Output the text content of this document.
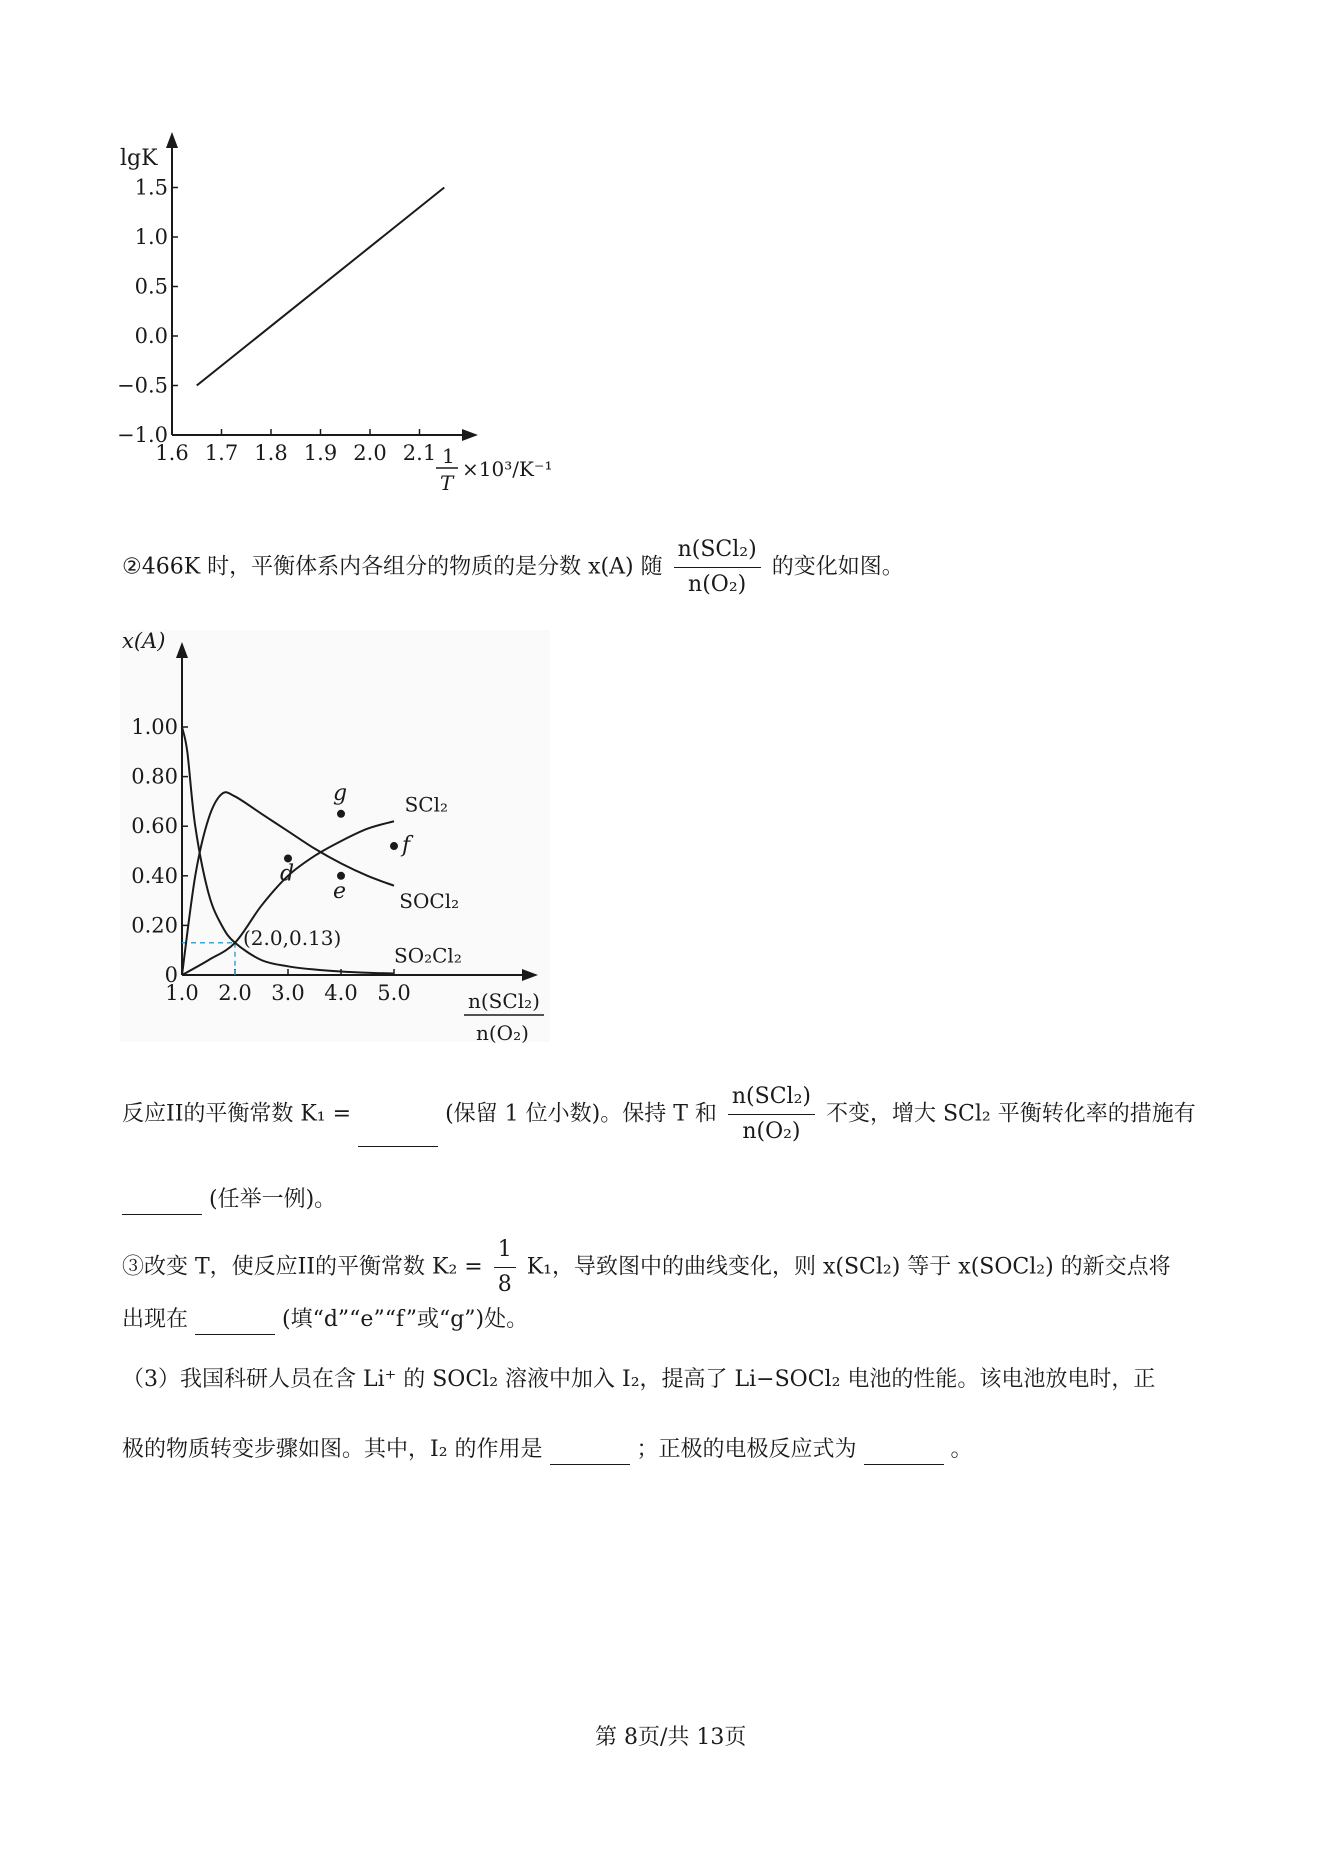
1.5
1.0
0.5
0.0
−0.5
−1.0
1.6 1.7 1.8 1.9 2.0 2.1
lgK
1
T
×10³/K⁻¹
②466K 时，平衡体系内各组分的物质的是分数 x(A) 随 $\frac{\text{n(SCl₂)}}{\text{n(O₂)}}$ 的变化如图。
0
0.20
0.40
0.60
0.80
1.00
1.0 2.0 3.0 4.0 5.0
(2.0,0.13)
SCl₂
SOCl₂
SO₂Cl₂
g
d
e
f
x(A)
n(SCl₂)
n(O₂)
反应II的平衡常数 K₁ =	(保留 1 位小数)。保持 T 和 $\frac{\text{n(SCl₂)}}{\text{n(O₂)}}$ 不变，增大 SCl₂ 平衡转化率的措施有
(任举一例)。
③改变 T，使反应II的平衡常数 $K_2 = \frac{1}{8} K_1$，导致图中的曲线变化，则 x(SCl₂) 等于 x(SOCl₂) 的新交点将
出现在	(填“d”“e”“f”或“g”)处。
（3）我国科研人员在含 Li⁺ 的 SOCl₂ 溶液中加入 I₂，提高了 Li−SOCl₂ 电池的性能。该电池放电时，正
极的物质转变步骤如图。其中，I₂ 的作用是	；正极的电极反应式为	。
第 8页/共 13页
